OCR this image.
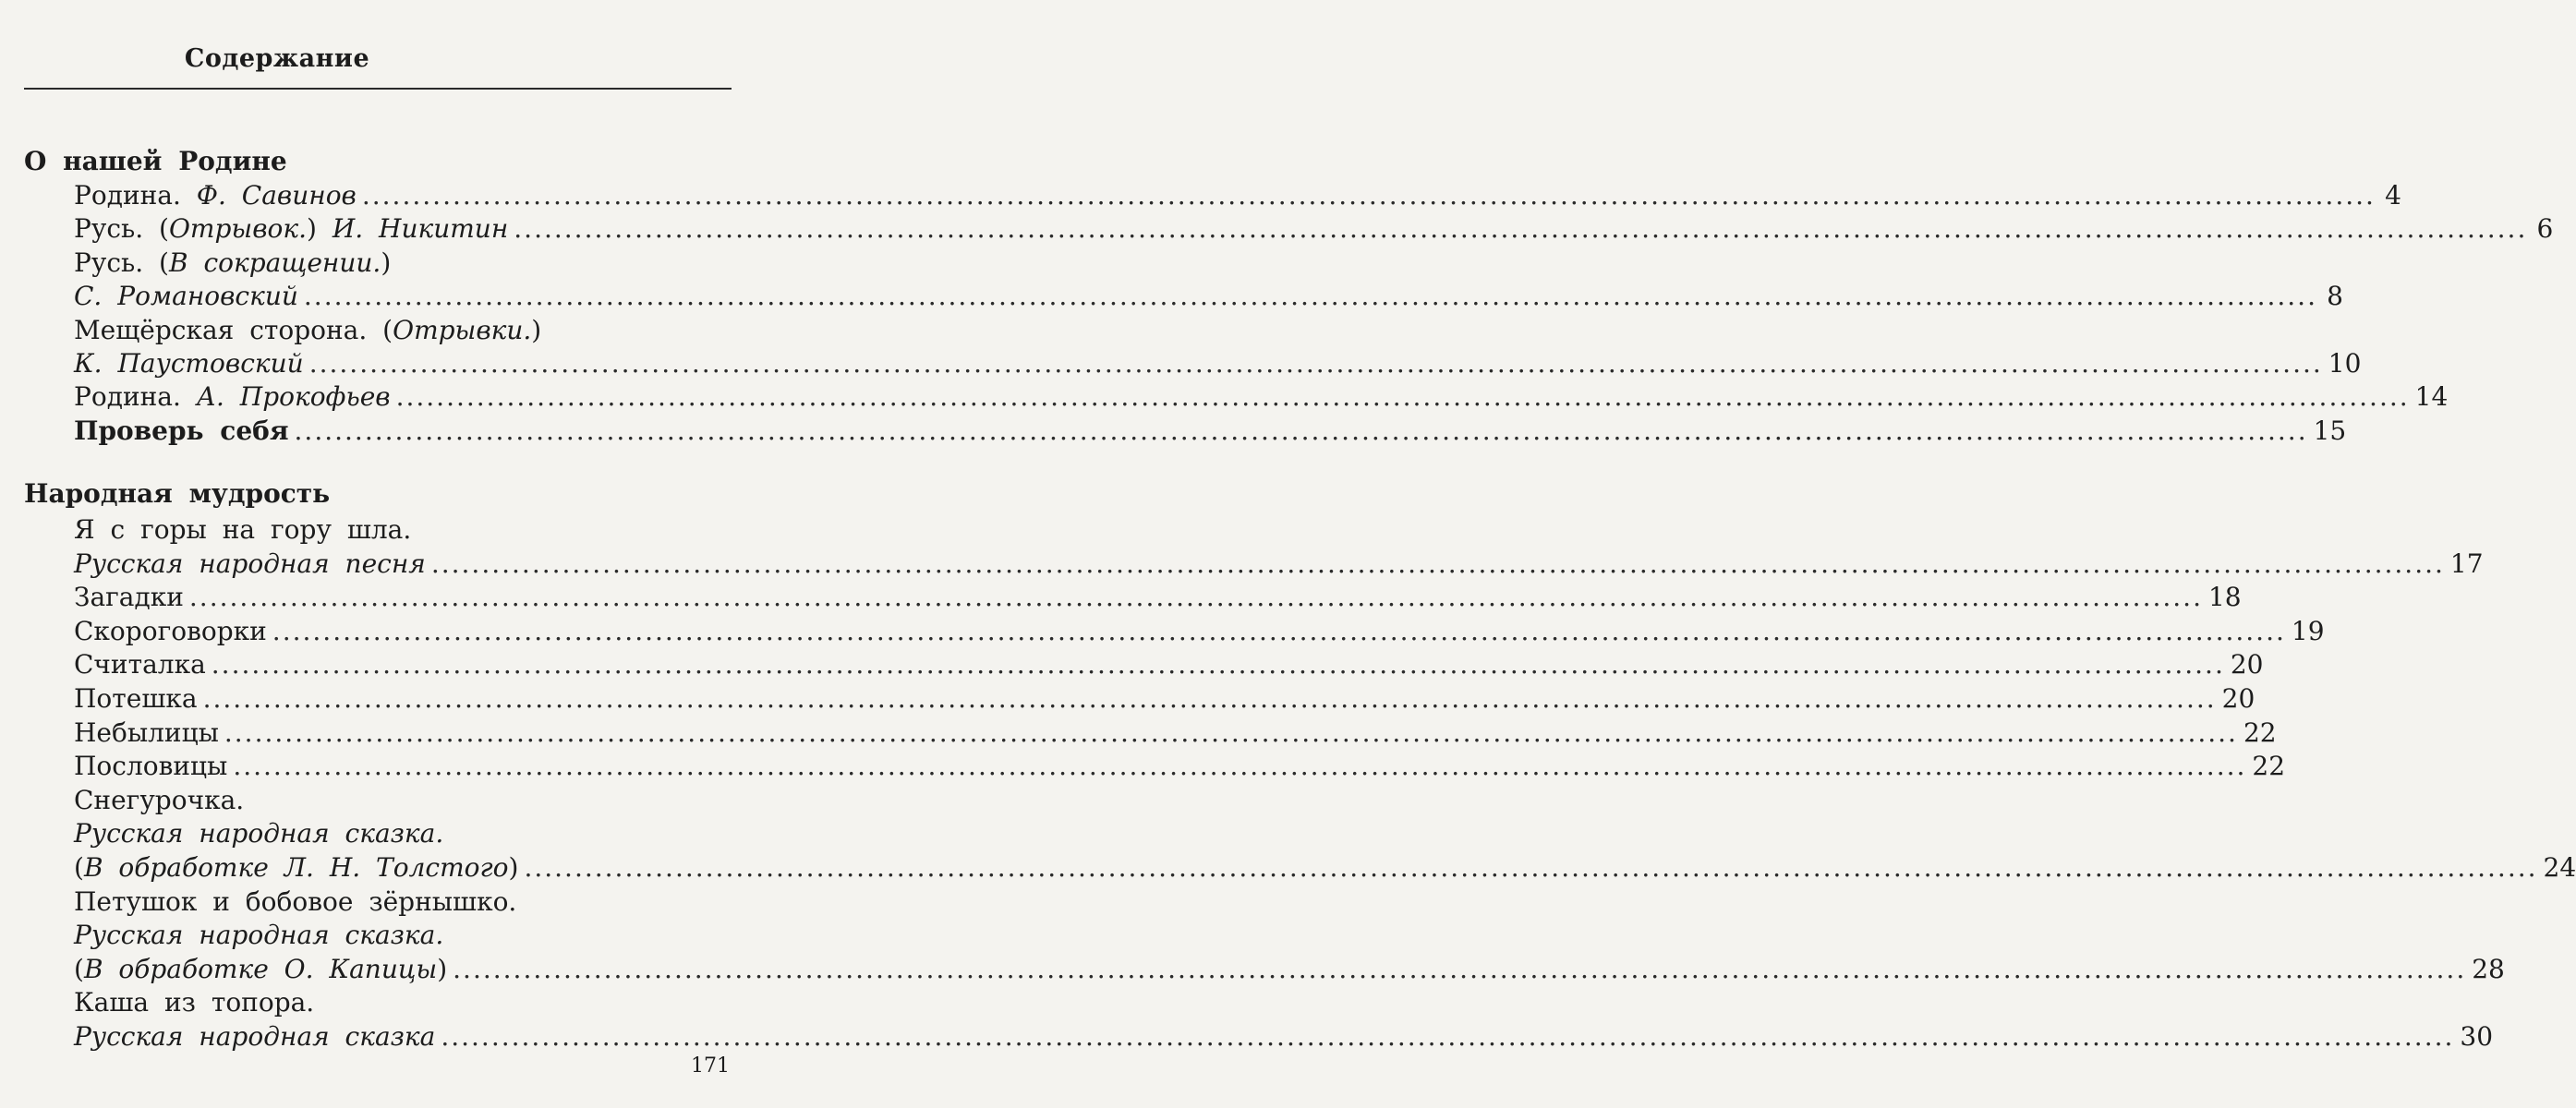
Содержание
О нашей Родине
Родина. Ф. Савинов ........................................................................................................................................................................................................ 4
Русь. (Отрывок.) И. Никитин ........................................................................................................................................................................................................ 6
Русь. (В сокращении.)
С. Романовский ........................................................................................................................................................................................................ 8
Мещёрская сторона. (Отрывки.)
К. Паустовский ........................................................................................................................................................................................................ 10
Родина. А. Прокофьев ........................................................................................................................................................................................................ 14
Проверь себя ........................................................................................................................................................................................................ 15
Народная мудрость
Я с горы на гору шла.
Русская народная песня ........................................................................................................................................................................................................ 17
Загадки ........................................................................................................................................................................................................ 18
Скороговорки ........................................................................................................................................................................................................ 19
Считалка ........................................................................................................................................................................................................ 20
Потешка ........................................................................................................................................................................................................ 20
Небылицы ........................................................................................................................................................................................................ 22
Пословицы ........................................................................................................................................................................................................ 22
Снегурочка.
Русская народная сказка.
(В обработке Л. Н. Толстого) ........................................................................................................................................................................................................ 24
Петушок и бобовое зёрнышко.
Русская народная сказка.
(В обработке О. Капицы) ........................................................................................................................................................................................................ 28
Каша из топора.
Русская народная сказка ........................................................................................................................................................................................................ 30
171
